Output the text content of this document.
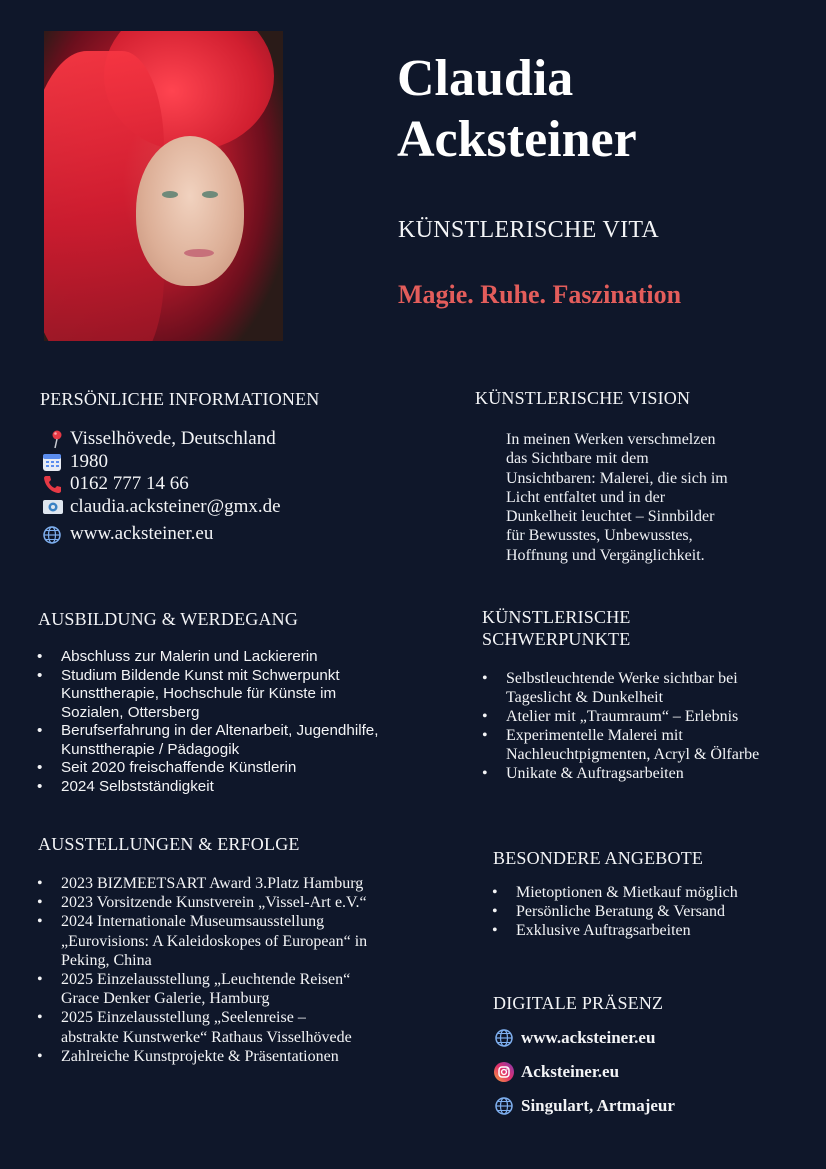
Claudia
Acksteiner
KÜNSTLERISCHE VITA
Magie. Ruhe. Faszination
PERSÖNLICHE INFORMATIONEN
Visselhövede, Deutschland
1980
0162 777 14 66
claudia.acksteiner@gmx.de
www.acksteiner.eu
KÜNSTLERISCHE VISION
In meinen Werken verschmelzen
das Sichtbare mit dem
Unsichtbaren: Malerei, die sich im
Licht entfaltet und in der
Dunkelheit leuchtet – Sinnbilder
für Bewusstes, Unbewusstes,
Hoffnung und Vergänglichkeit.
AUSBILDUNG & WERDEGANG
• Abschluss zur Malerin und Lackiererin
• Studium Bildende Kunst mit Schwerpunkt
Kunsttherapie, Hochschule für Künste im
Sozialen, Ottersberg
• Berufserfahrung in der Altenarbeit, Jugendhilfe,
Kunsttherapie / Pädagogik
• Seit 2020 freischaffende Künstlerin
• 2024 Selbstständigkeit
KÜNSTLERISCHE
SCHWERPUNKTE
• Selbstleuchtende Werke sichtbar bei
Tageslicht & Dunkelheit
• Atelier mit „Traumraum“ – Erlebnis
• Experimentelle Malerei mit
Nachleuchtpigmenten, Acryl & Ölfarbe
• Unikate & Auftragsarbeiten
AUSSTELLUNGEN & ERFOLGE
• 2023 BIZMEETSART Award 3.Platz Hamburg
• 2023 Vorsitzende Kunstverein „Vissel-Art e.V.“
• 2024 Internationale Museumsausstellung
„Eurovisions: A Kaleidoskopes of European“ in
Peking, China
• 2025 Einzelausstellung „Leuchtende Reisen“
Grace Denker Galerie, Hamburg
• 2025 Einzelausstellung „Seelenreise –
abstrakte Kunstwerke“ Rathaus Visselhövede
• Zahlreiche Kunstprojekte & Präsentationen
BESONDERE ANGEBOTE
• Mietoptionen & Mietkauf möglich
• Persönliche Beratung & Versand
• Exklusive Auftragsarbeiten
DIGITALE PRÄSENZ
www.acksteiner.eu
Acksteiner.eu
Singulart, Artmajeur
